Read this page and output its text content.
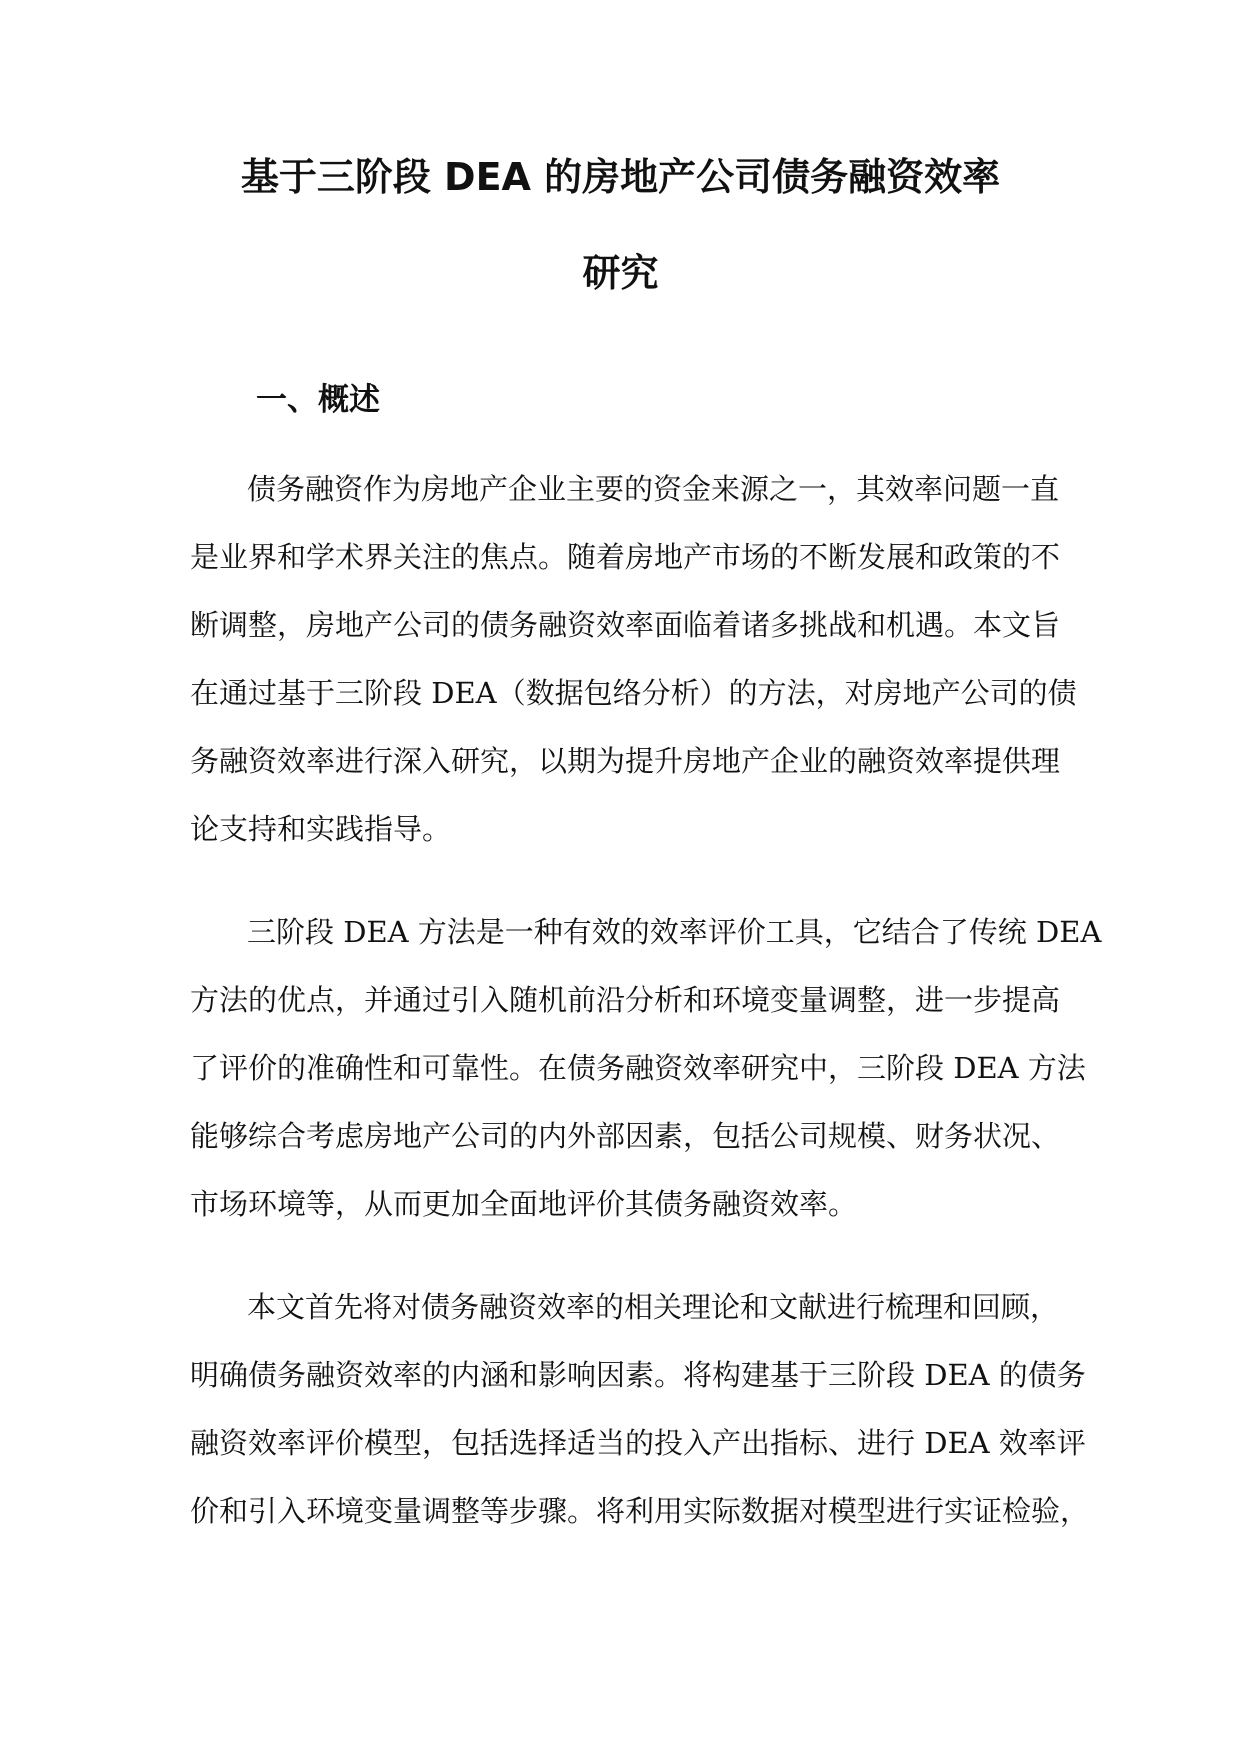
基于三阶段 DEA 的房地产公司债务融资效率
研究
一、概述

债务融资作为房地产企业主要的资金来源之一，其效率问题一直

是业界和学术界关注的焦点。随着房地产市场的不断发展和政策的不

断调整，房地产公司的债务融资效率面临着诸多挑战和机遇。本文旨

在通过基于三阶段 DEA（数据包络分析）的方法，对房地产公司的债

务融资效率进行深入研究，以期为提升房地产企业的融资效率提供理

论支持和实践指导。

三阶段 DEA 方法是一种有效的效率评价工具，它结合了传统 DEA

方法的优点，并通过引入随机前沿分析和环境变量调整，进一步提高

了评价的准确性和可靠性。在债务融资效率研究中，三阶段 DEA 方法

能够综合考虑房地产公司的内外部因素，包括公司规模、财务状况、

市场环境等，从而更加全面地评价其债务融资效率。

本文首先将对债务融资效率的相关理论和文献进行梳理和回顾，

明确债务融资效率的内涵和影响因素。将构建基于三阶段 DEA 的债务

融资效率评价模型，包括选择适当的投入产出指标、进行 DEA 效率评

价和引入环境变量调整等步骤。将利用实际数据对模型进行实证检验，
